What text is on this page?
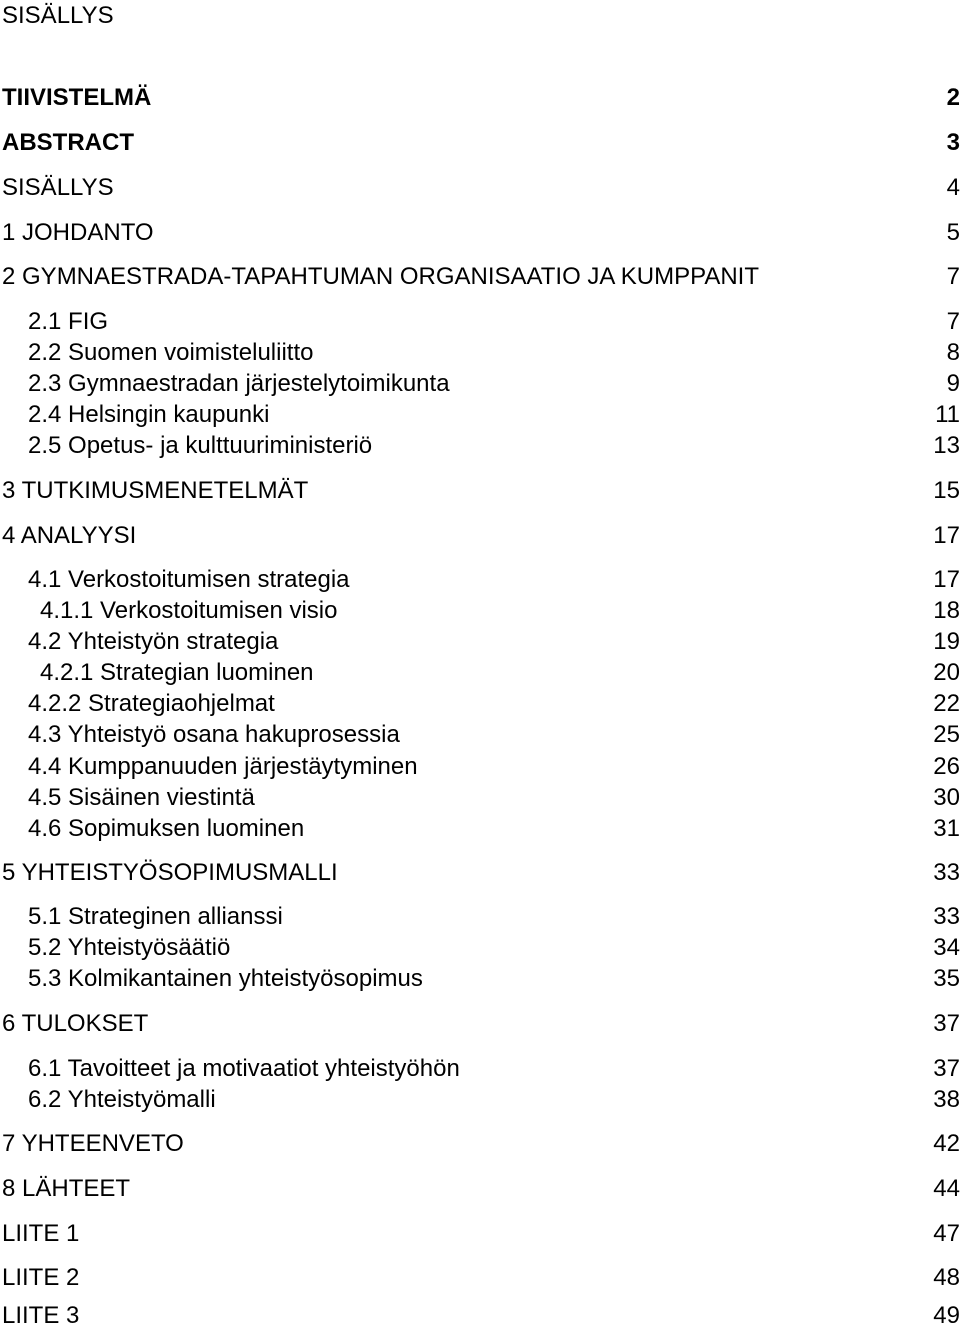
SISÄLLYS
TIIVISTELMÄ	2
ABSTRACT	3
SISÄLLYS	4
1 JOHDANTO	5
2 GYMNAESTRADA-TAPAHTUMAN ORGANISAATIO JA KUMPPANIT	7
2.1 FIG	7
2.2 Suomen voimisteluliitto	8
2.3 Gymnaestradan järjestelytoimikunta	9
2.4 Helsingin kaupunki	11
2.5 Opetus- ja kulttuuriministeriö	13
3 TUTKIMUSMENETELMÄT	15
4 ANALYYSI	17
4.1 Verkostoitumisen strategia	17
4.1.1 Verkostoitumisen visio	18
4.2 Yhteistyön strategia	19
4.2.1 Strategian luominen	20
4.2.2 Strategiaohjelmat	22
4.3 Yhteistyö osana hakuprosessia	25
4.4 Kumppanuuden järjestäytyminen	26
4.5 Sisäinen viestintä	30
4.6 Sopimuksen luominen	31
5 YHTEISTYÖSOPIMUSMALLI	33
5.1 Strateginen allianssi	33
5.2 Yhteistyösäätiö	34
5.3 Kolmikantainen yhteistyösopimus	35
6 TULOKSET	37
6.1 Tavoitteet ja motivaatiot yhteistyöhön	37
6.2 Yhteistyömalli	38
7 YHTEENVETO	42
8 LÄHTEET	44
LIITE 1	47
LIITE 2	48
LIITE 3	49
